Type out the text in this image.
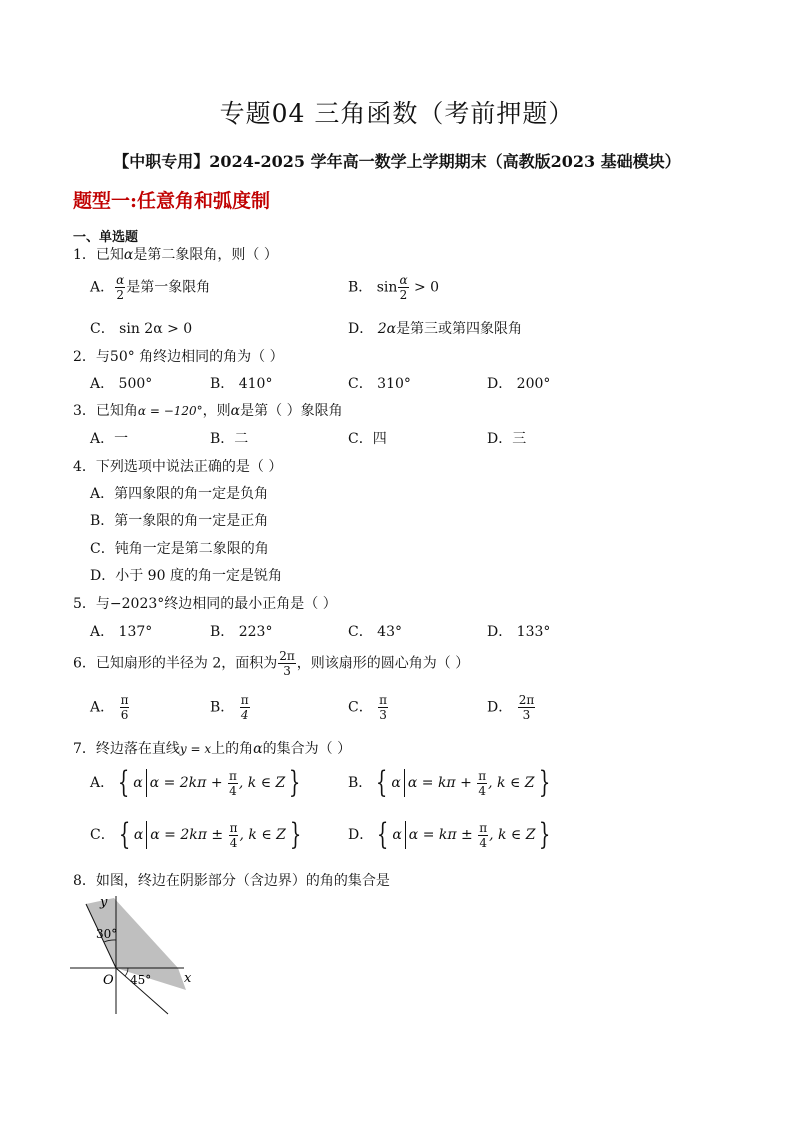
专题04 三角函数（考前押题）
【中职专用】2024-2025 学年高一数学上学期期末（高教版2023 基础模块）
题型一:任意角和弧度制
一、单选题
1．已知α是第二象限角，则（ ）
A． $\frac{\alpha}{2}$ 是第一象限角	B． $\sin \frac{\alpha}{2} > 0$
C． sin 2α > 0	D． 2α是第三或第四象限角
2．与50° 角终边相同的角为（ ）
A． 500°	B． 410°	C． 310°	D． 200°
3．已知角α = −120°，则α是第（ ）象限角
A．一	B．二	C．四	D．三
4．下列选项中说法正确的是（ ）
A．第四象限的角一定是负角
B．第一象限的角一定是正角
C．钝角一定是第二象限的角
D．小于 90 度的角一定是锐角
5．与−2023°终边相同的最小正角是（ ）
A． 137°	B． 223°	C． 43°	D． 133°
6．已知扇形的半径为 2，面积为 $\frac{2\pi}{3}$ ，则该扇形的圆心角为（ ）
A． $\frac{\pi}{6}$	B． $\frac{\pi}{4}$	C． $\frac{\pi}{3}$	D． $\frac{2\pi}{3}$
7．终边落在直线y = x上的角α的集合为（ ）
A． { α $\alpha = 2k\pi + \frac{\pi}{4}$ , k ∈ Z }	B． { α $\alpha = k\pi + \frac{\pi}{4}$ , k ∈ Z }
C． { α $\alpha = 2k\pi \pm \frac{\pi}{4}$ , k ∈ Z }	D． { α $\alpha = k\pi \pm \frac{\pi}{4}$ , k ∈ Z }
8．如图，终边在阴影部分（含边界）的角的集合是
y
x
O
30°
45°
